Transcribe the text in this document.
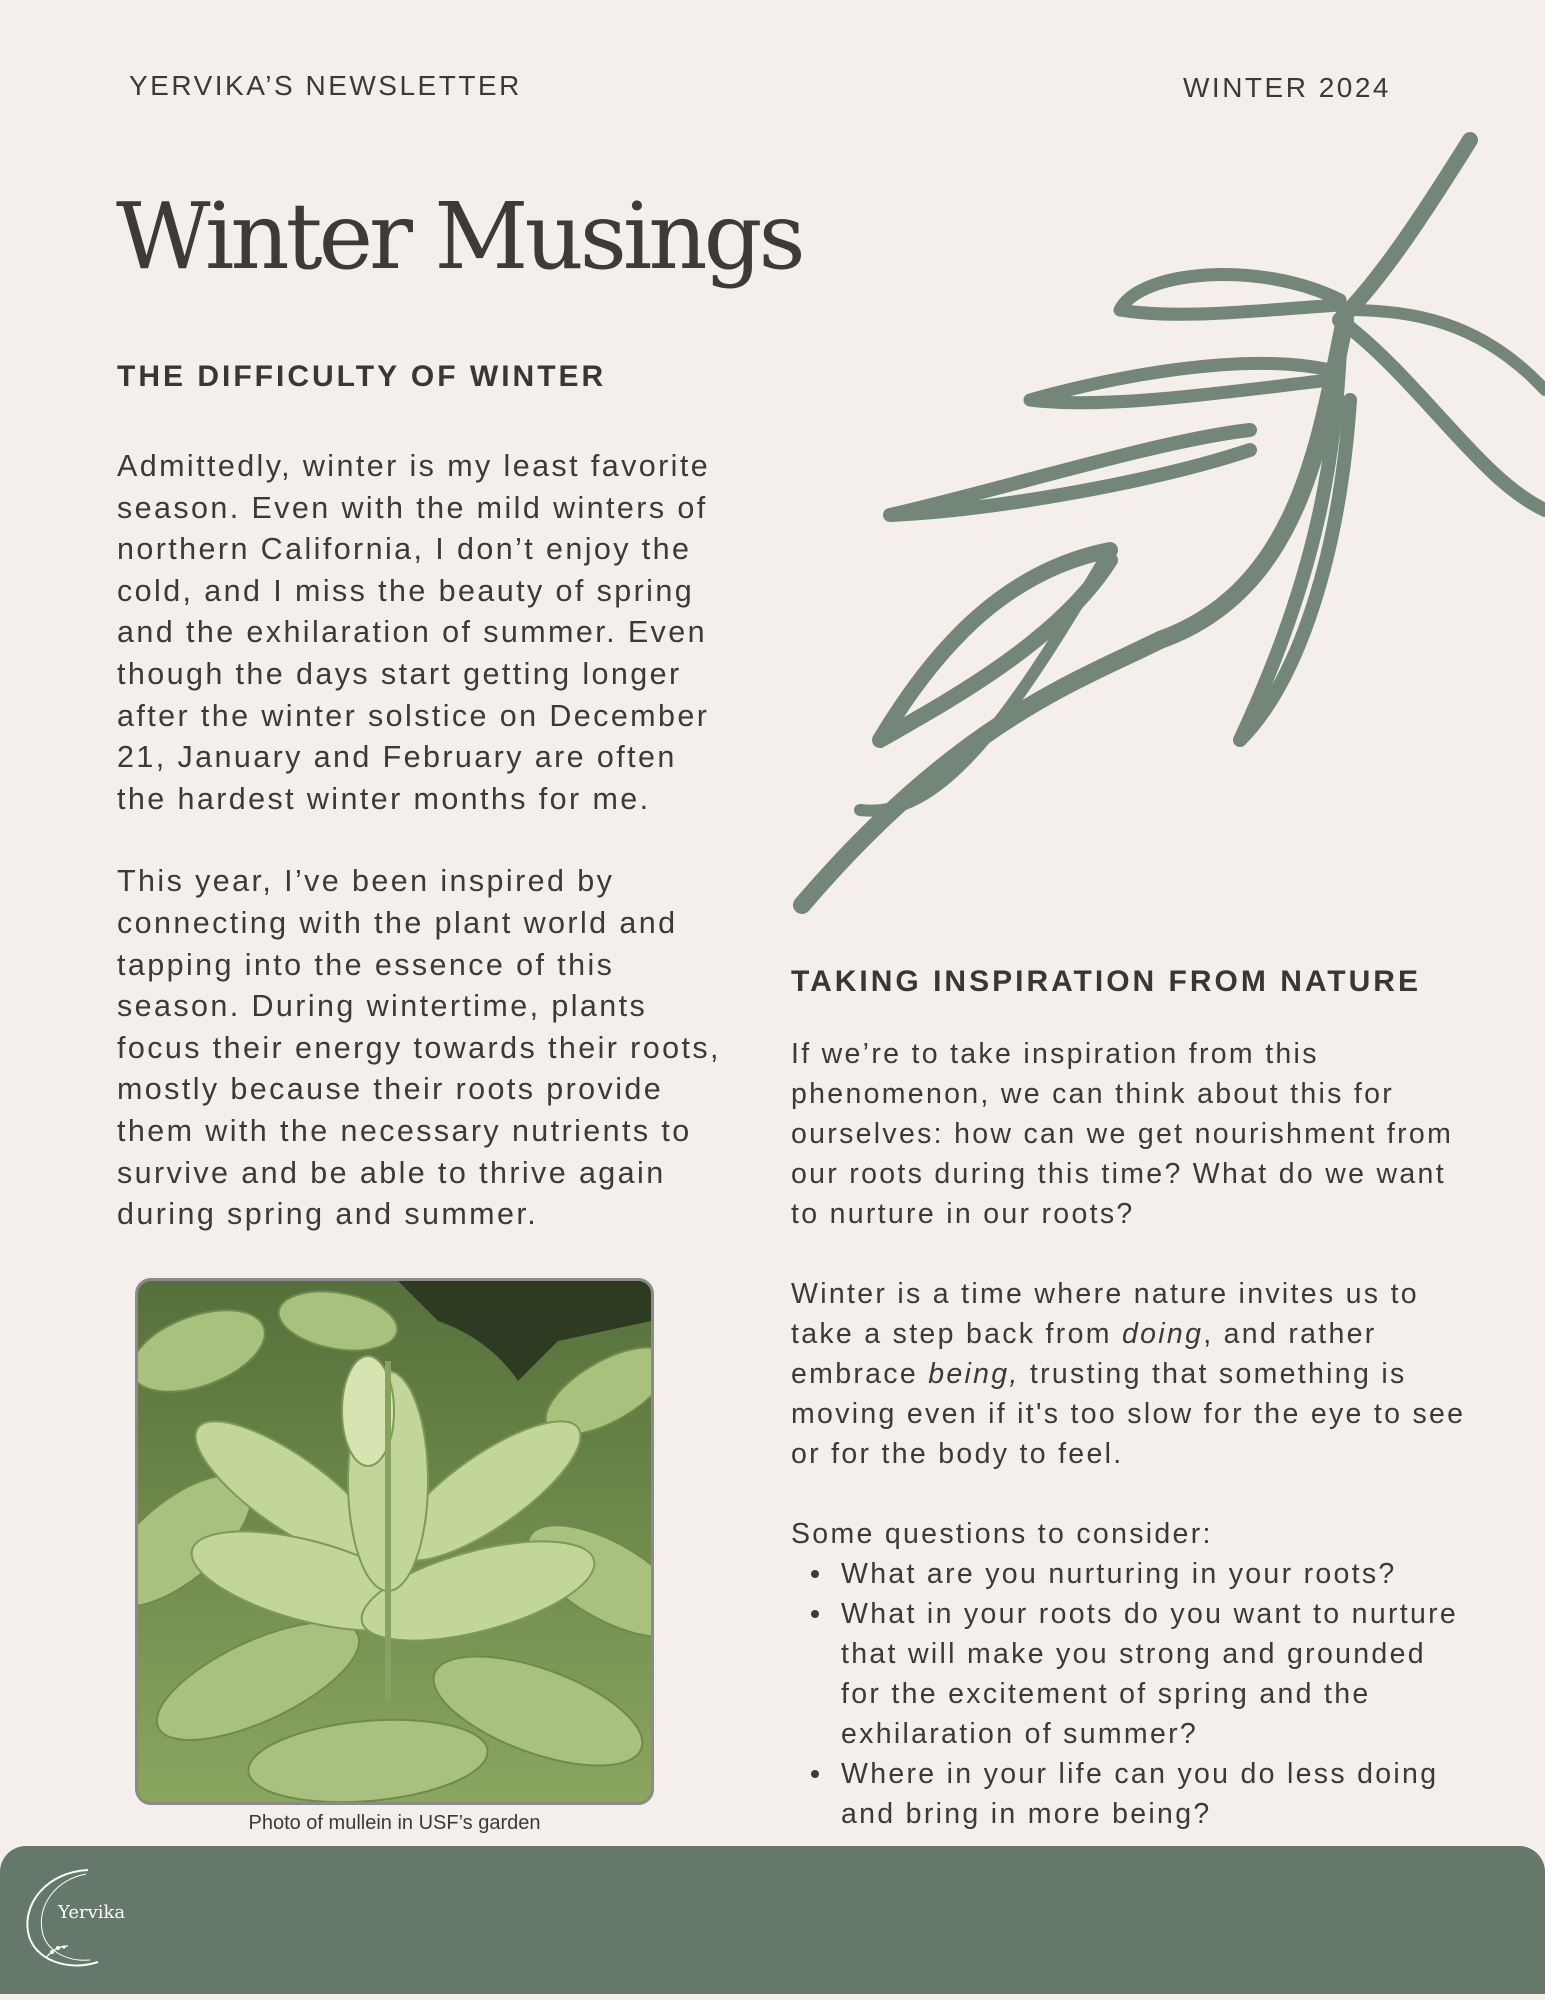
YERVIKA’S NEWSLETTER	WINTER 2024
Winter Musings
THE DIFFICULTY OF WINTER

Admittedly, winter is my least favorite
season. Even with the mild winters of
northern California, I don’t enjoy the
cold, and I miss the beauty of spring
and the exhilaration of summer. Even
though the days start getting longer
after the winter solstice on December
21, January and February are often
the hardest winter months for me.

This year, I’ve been inspired by
connecting with the plant world and
tapping into the essence of this
season. During wintertime, plants
focus their energy towards their roots,
mostly because their roots provide
them with the necessary nutrients to
survive and be able to thrive again
during spring and summer.

Photo of mullein in USF’s garden
TAKING INSPIRATION FROM NATURE

If we’re to take inspiration from this
phenomenon, we can think about this for
ourselves: how can we get nourishment from
our roots during this time? What do we want
to nurture in our roots?

Winter is a time where nature invites us to
take a step back from doing, and rather
embrace being, trusting that something is
moving even if it's too slow for the eye to see
or for the body to feel.

Some questions to consider:

What are you nurturing in your roots?
What in your roots do you want to nurture
that will make you strong and grounded
for the excitement of spring and the
exhilaration of summer?
Where in your life can you do less doing
and bring in more being?
Yervika
